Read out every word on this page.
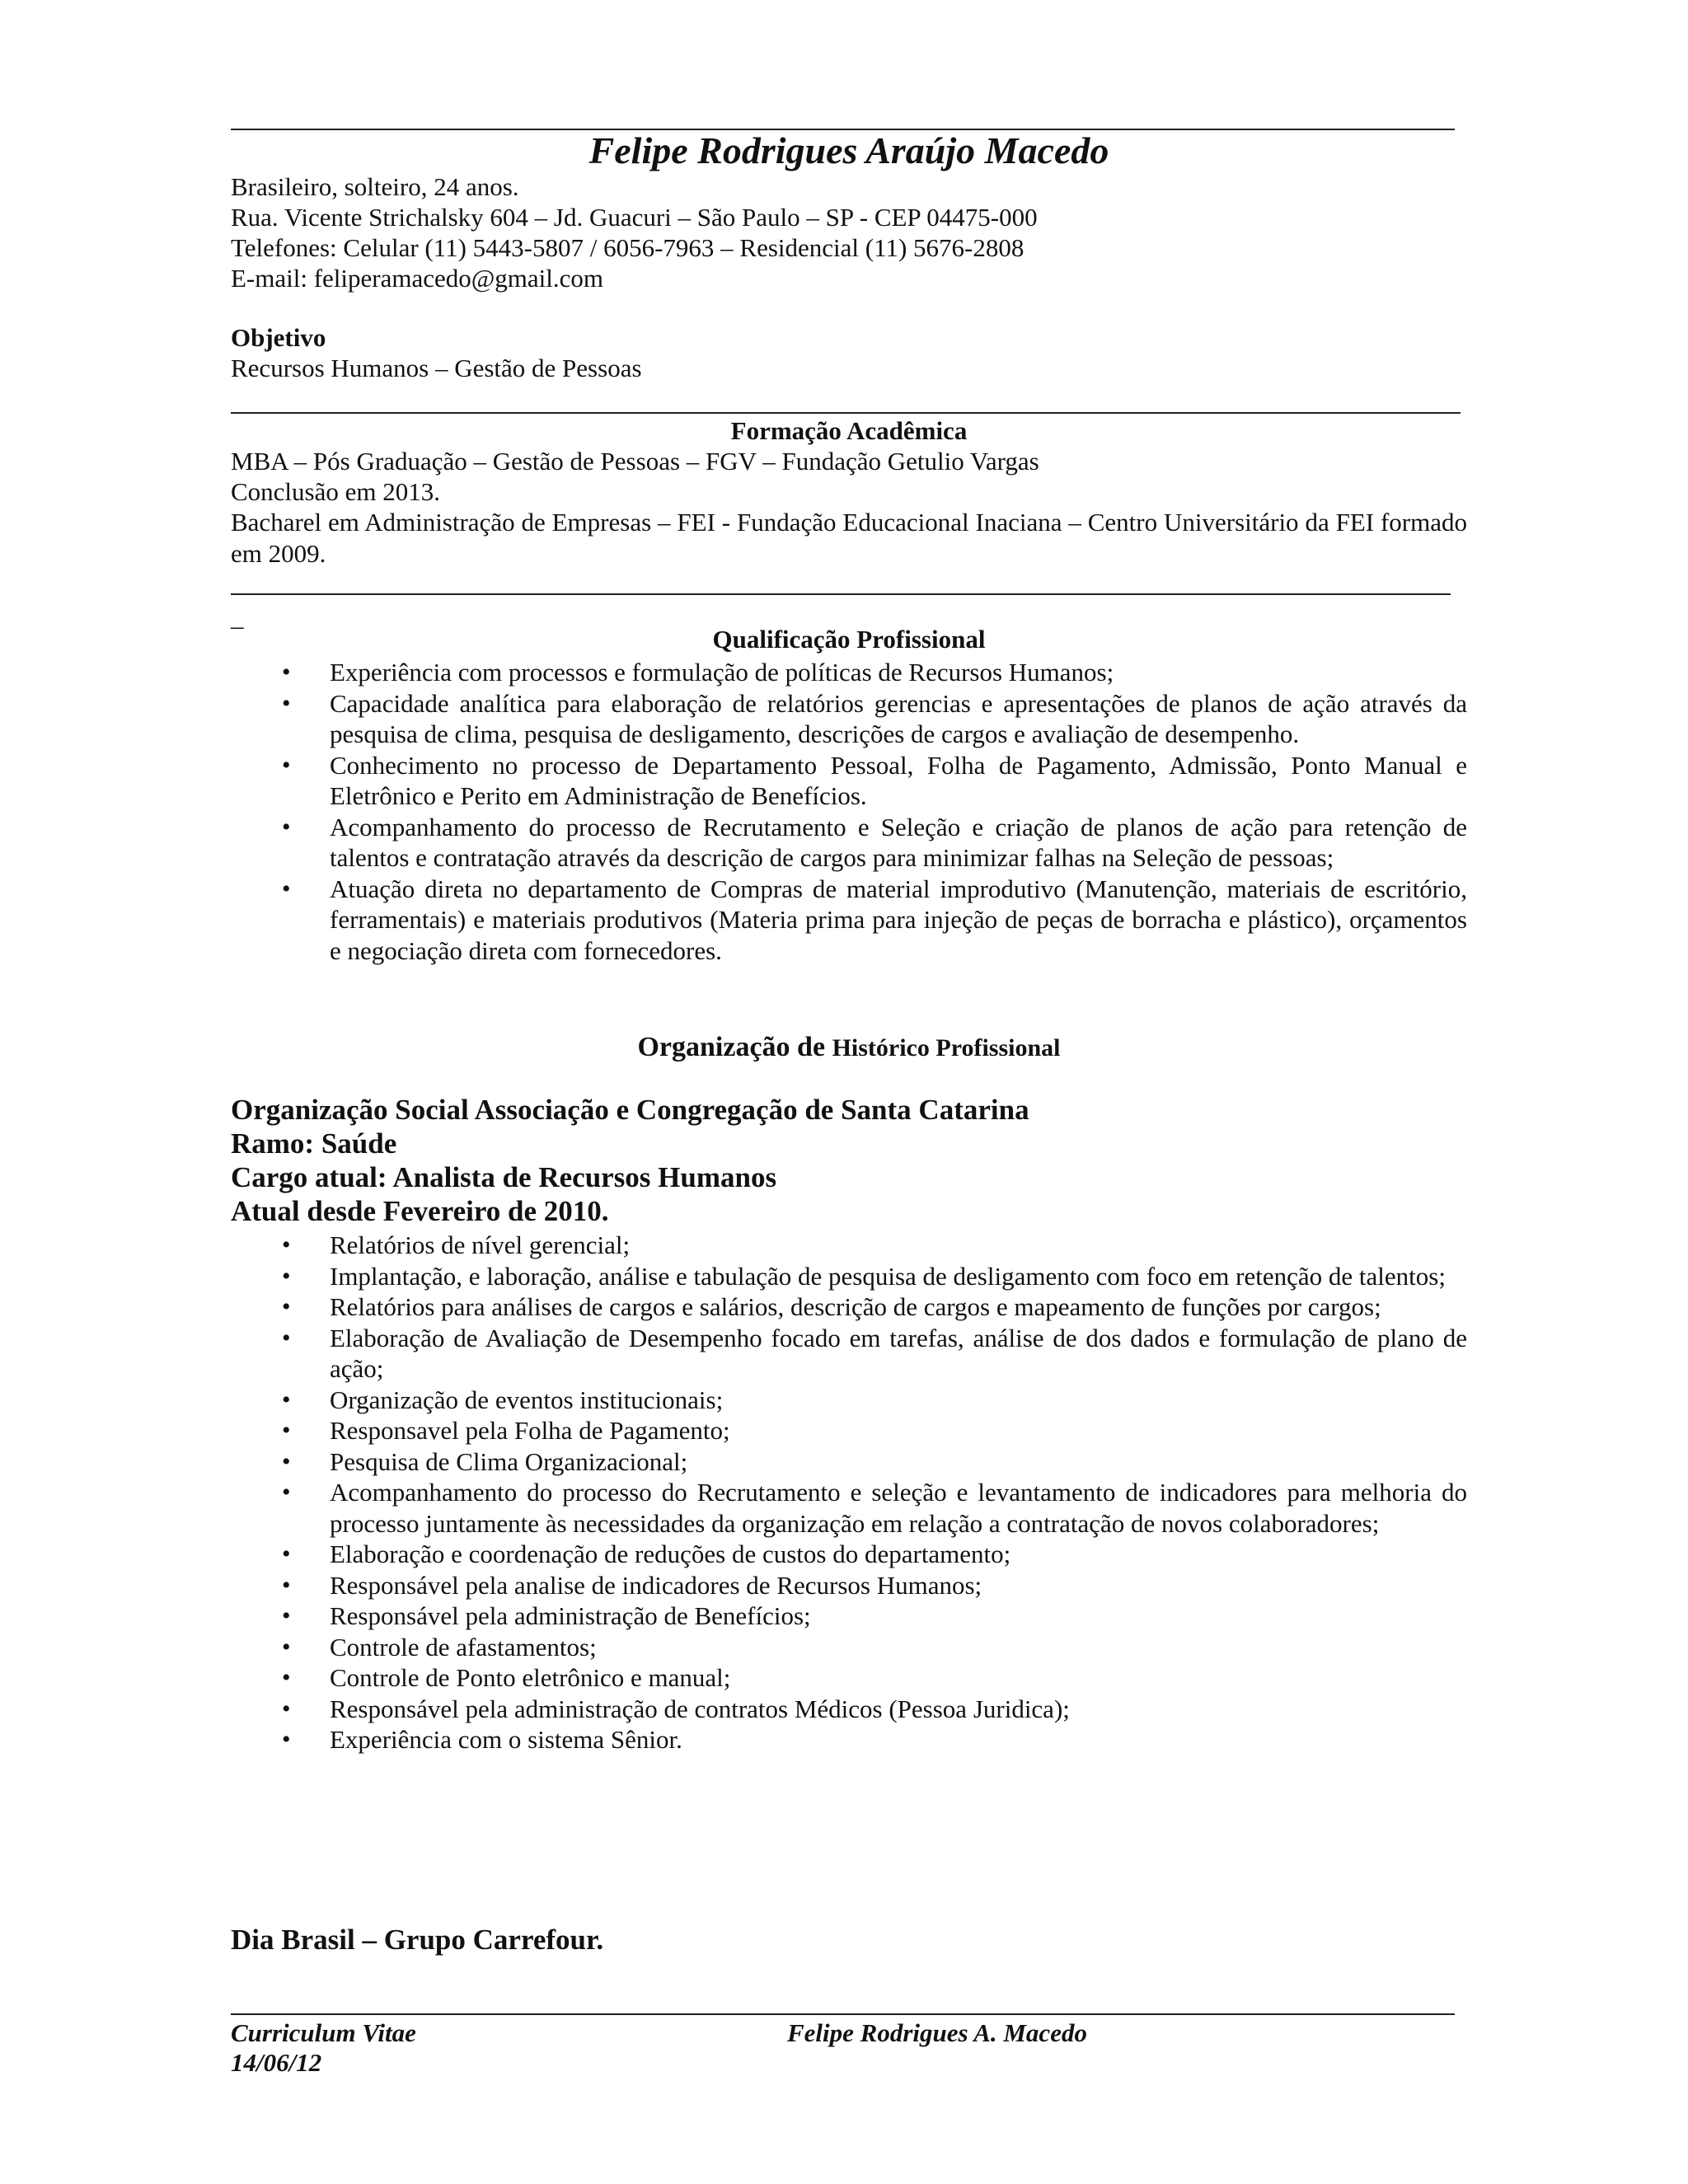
Felipe Rodrigues Araújo Macedo
Brasileiro, solteiro, 24 anos.
Rua. Vicente Strichalsky 604 – Jd. Guacuri – São Paulo – SP - CEP 04475-000
Telefones: Celular (11) 5443-5807 / 6056-7963 – Residencial (11) 5676-2808
E-mail: feliperamacedo@gmail.com
Objetivo
Recursos Humanos – Gestão de Pessoas
Formação Acadêmica
MBA – Pós Graduação – Gestão de Pessoas – FGV – Fundação Getulio Vargas
Conclusão em 2013.
Bacharel em Administração de Empresas – FEI - Fundação Educacional Inaciana – Centro Universitário da FEI formado em 2009.
_
Qualificação Profissional
• Experiência com processos e formulação de políticas de Recursos Humanos;
• Capacidade analítica para elaboração de relatórios gerencias e apresentações de planos de ação através da pesquisa de clima, pesquisa de desligamento, descrições de cargos e avaliação de desempenho.
• Conhecimento no processo de Departamento Pessoal, Folha de Pagamento, Admissão, Ponto Manual e Eletrônico e Perito em Administração de Benefícios.
• Acompanhamento do processo de Recrutamento e Seleção e criação de planos de ação para retenção de talentos e contratação através da descrição de cargos para minimizar falhas na Seleção de pessoas;
• Atuação direta no departamento de Compras de material improdutivo (Manutenção, materiais de escritório, ferramentais) e materiais produtivos (Materia prima para injeção de peças de borracha e plástico), orçamentos e negociação direta com fornecedores.
Organização de Histórico Profissional
Organização Social Associação e Congregação de Santa Catarina
Ramo: Saúde
Cargo atual: Analista de Recursos Humanos
Atual desde Fevereiro de 2010.
• Relatórios de nível gerencial;
• Implantação, e laboração, análise e tabulação de pesquisa de desligamento com foco em retenção de talentos;
• Relatórios para análises de cargos e salários, descrição de cargos e mapeamento de funções por cargos;
• Elaboração de Avaliação de Desempenho focado em tarefas, análise de dos dados e formulação de plano de ação;
• Organização de eventos institucionais;
• Responsavel pela Folha de Pagamento;
• Pesquisa de Clima Organizacional;
• Acompanhamento do processo do Recrutamento e seleção e levantamento de indicadores para melhoria do processo juntamente às necessidades da organização em relação a contratação de novos colaboradores;
• Elaboração e coordenação de reduções de custos do departamento;
• Responsável pela analise de indicadores de Recursos Humanos;
• Responsável pela administração de Benefícios;
• Controle de afastamentos;
• Controle de Ponto eletrônico e manual;
• Responsável pela administração de contratos Médicos (Pessoa Juridica);
• Experiência com o sistema Sênior.
Dia Brasil – Grupo Carrefour.
Curriculum Vitae	Felipe Rodrigues A. Macedo
14/06/12
